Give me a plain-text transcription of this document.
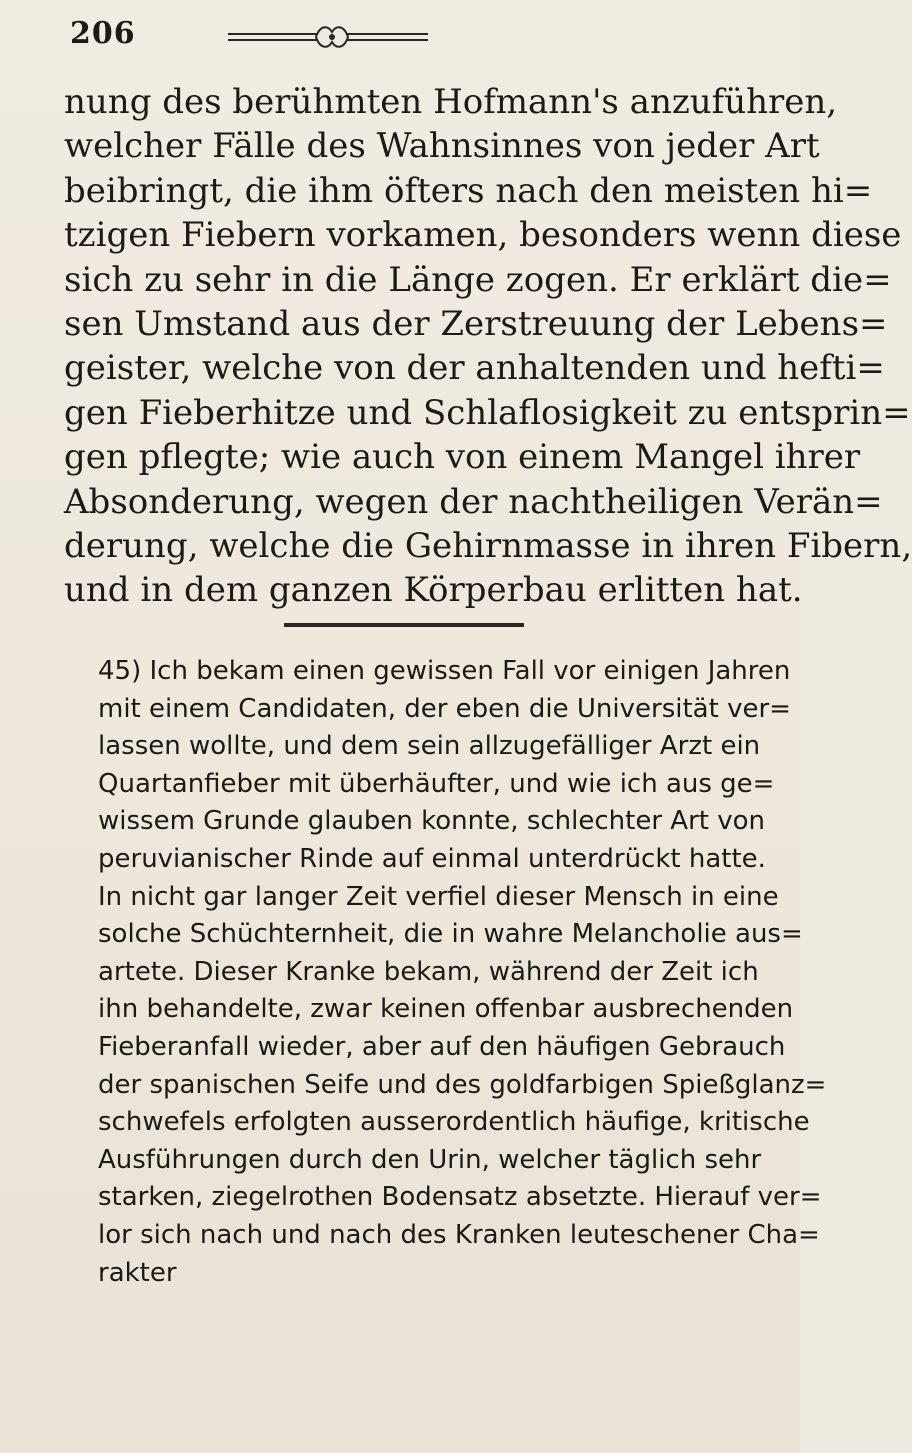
206
nung des berühmten Hofmann's anzuführen,
welcher Fälle des Wahnsinnes von jeder Art
beibringt, die ihm öfters nach den meisten hi=
tzigen Fiebern vorkamen, besonders wenn diese
sich zu sehr in die Länge zogen. Er erklärt die=
sen Umstand aus der Zerstreuung der Lebens=
geister, welche von der anhaltenden und hefti=
gen Fieberhitze und Schlaflosigkeit zu entsprin=
gen pflegte; wie auch von einem Mangel ihrer
Absonderung, wegen der nachtheiligen Verän=
derung, welche die Gehirnmasse in ihren Fibern,
und in dem ganzen Körperbau erlitten hat.
45) Ich bekam einen gewissen Fall vor einigen Jahren
mit einem Candidaten, der eben die Universität ver=
lassen wollte, und dem sein allzugefälliger Arzt ein
Quartanfieber mit überhäufter, und wie ich aus ge=
wissem Grunde glauben konnte, schlechter Art von
peruvianischer Rinde auf einmal unterdrückt hatte.
In nicht gar langer Zeit verfiel dieser Mensch in eine
solche Schüchternheit, die in wahre Melancholie aus=
artete. Dieser Kranke bekam, während der Zeit ich
ihn behandelte, zwar keinen offenbar ausbrechenden
Fieberanfall wieder, aber auf den häufigen Gebrauch
der spanischen Seife und des goldfarbigen Spießglanz=
schwefels erfolgten ausserordentlich häufige, kritische
Ausführungen durch den Urin, welcher täglich sehr
starken, ziegelrothen Bodensatz absetzte. Hierauf ver=
lor sich nach und nach des Kranken leuteschener Cha=
rakter
